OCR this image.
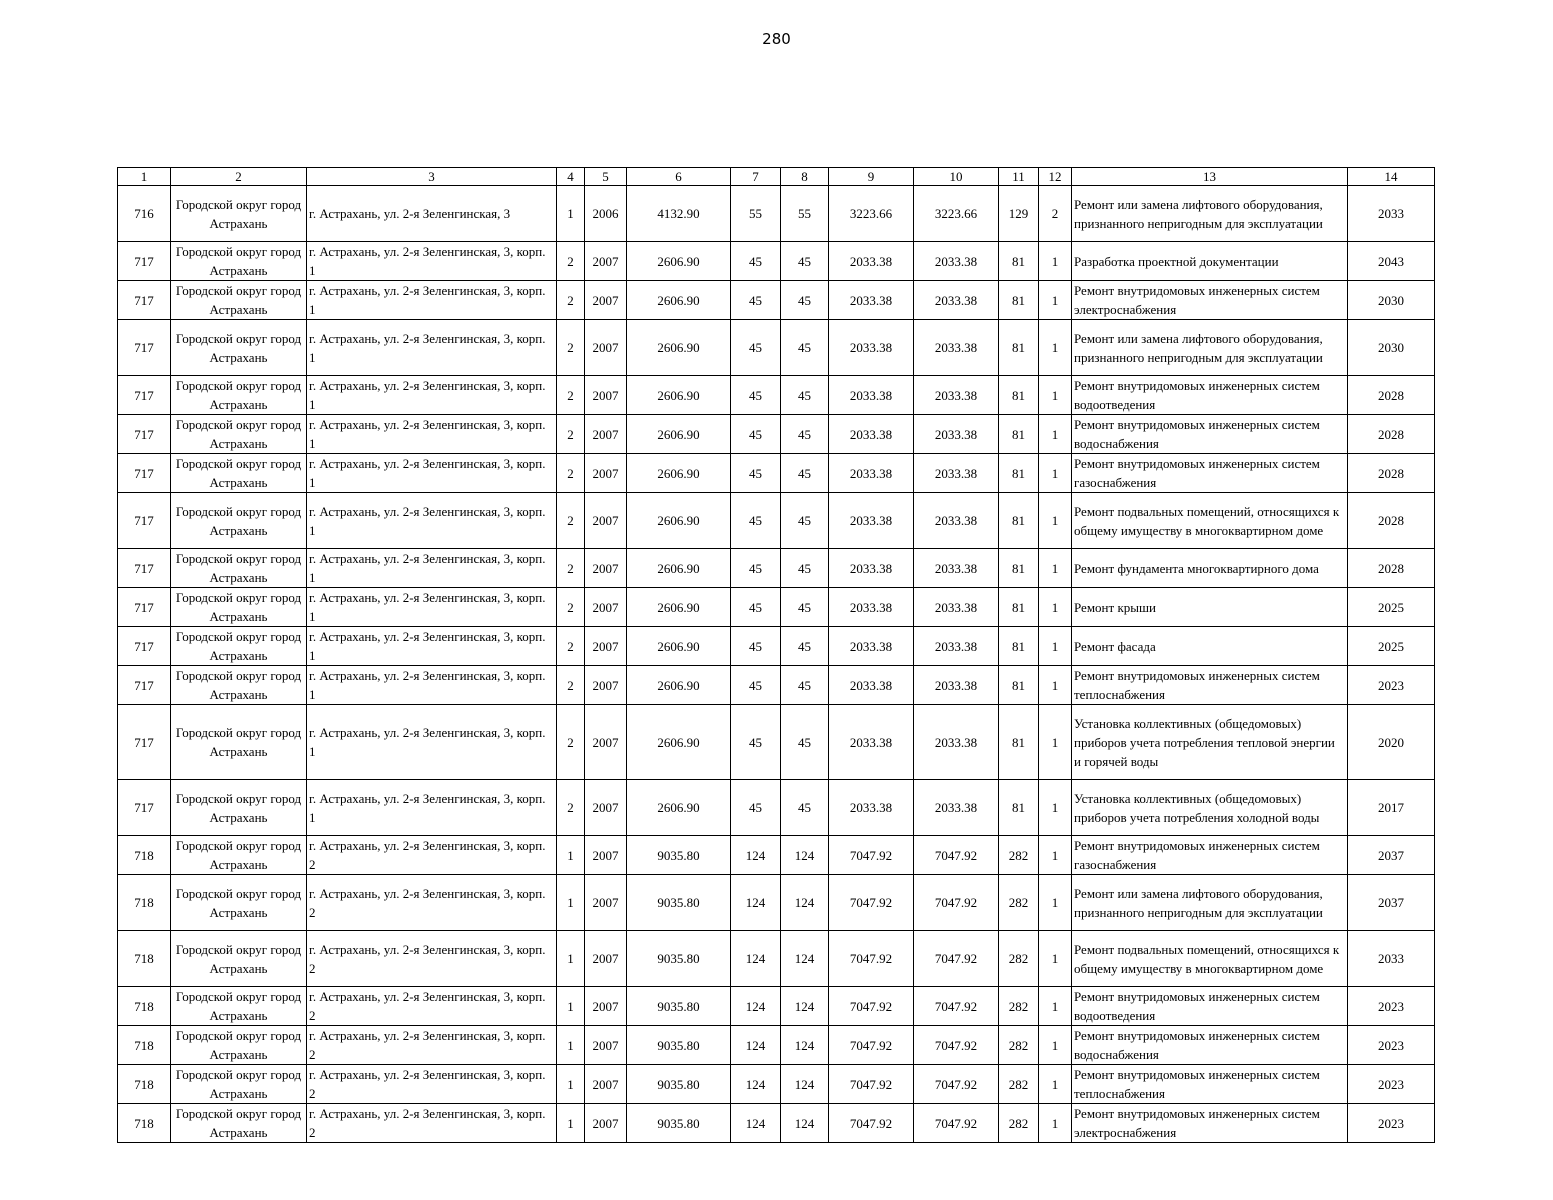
280
1	2	3	4	5	6	7	8	9	10	11	12	13	14
716	Городской округ город Астрахань	г. Астрахань, ул. 2-я Зеленгинская, 3	1	2006	4132.90	55	55	3223.66	3223.66	129	2	Ремонт или замена лифтового оборудования, признанного непригодным для эксплуатации	2033
717	Городской округ город Астрахань	г. Астрахань, ул. 2-я Зеленгинская, 3, корп. 1	2	2007	2606.90	45	45	2033.38	2033.38	81	1	Разработка проектной документации	2043
717	Городской округ город Астрахань	г. Астрахань, ул. 2-я Зеленгинская, 3, корп. 1	2	2007	2606.90	45	45	2033.38	2033.38	81	1	Ремонт внутридомовых инженерных систем электроснабжения	2030
717	Городской округ город Астрахань	г. Астрахань, ул. 2-я Зеленгинская, 3, корп. 1	2	2007	2606.90	45	45	2033.38	2033.38	81	1	Ремонт или замена лифтового оборудования, признанного непригодным для эксплуатации	2030
717	Городской округ город Астрахань	г. Астрахань, ул. 2-я Зеленгинская, 3, корп. 1	2	2007	2606.90	45	45	2033.38	2033.38	81	1	Ремонт внутридомовых инженерных систем водоотведения	2028
717	Городской округ город Астрахань	г. Астрахань, ул. 2-я Зеленгинская, 3, корп. 1	2	2007	2606.90	45	45	2033.38	2033.38	81	1	Ремонт внутридомовых инженерных систем водоснабжения	2028
717	Городской округ город Астрахань	г. Астрахань, ул. 2-я Зеленгинская, 3, корп. 1	2	2007	2606.90	45	45	2033.38	2033.38	81	1	Ремонт внутридомовых инженерных систем газоснабжения	2028
717	Городской округ город Астрахань	г. Астрахань, ул. 2-я Зеленгинская, 3, корп. 1	2	2007	2606.90	45	45	2033.38	2033.38	81	1	Ремонт подвальных помещений, относящихся к общему имуществу в многоквартирном доме	2028
717	Городской округ город Астрахань	г. Астрахань, ул. 2-я Зеленгинская, 3, корп. 1	2	2007	2606.90	45	45	2033.38	2033.38	81	1	Ремонт фундамента многоквартирного дома	2028
717	Городской округ город Астрахань	г. Астрахань, ул. 2-я Зеленгинская, 3, корп. 1	2	2007	2606.90	45	45	2033.38	2033.38	81	1	Ремонт крыши	2025
717	Городской округ город Астрахань	г. Астрахань, ул. 2-я Зеленгинская, 3, корп. 1	2	2007	2606.90	45	45	2033.38	2033.38	81	1	Ремонт фасада	2025
717	Городской округ город Астрахань	г. Астрахань, ул. 2-я Зеленгинская, 3, корп. 1	2	2007	2606.90	45	45	2033.38	2033.38	81	1	Ремонт внутридомовых инженерных систем теплоснабжения	2023
717	Городской округ город Астрахань	г. Астрахань, ул. 2-я Зеленгинская, 3, корп. 1	2	2007	2606.90	45	45	2033.38	2033.38	81	1	Установка коллективных (общедомовых) приборов учета потребления тепловой энергии и горячей воды	2020
717	Городской округ город Астрахань	г. Астрахань, ул. 2-я Зеленгинская, 3, корп. 1	2	2007	2606.90	45	45	2033.38	2033.38	81	1	Установка коллективных (общедомовых) приборов учета потребления холодной воды	2017
718	Городской округ город Астрахань	г. Астрахань, ул. 2-я Зеленгинская, 3, корп. 2	1	2007	9035.80	124	124	7047.92	7047.92	282	1	Ремонт внутридомовых инженерных систем газоснабжения	2037
718	Городской округ город Астрахань	г. Астрахань, ул. 2-я Зеленгинская, 3, корп. 2	1	2007	9035.80	124	124	7047.92	7047.92	282	1	Ремонт или замена лифтового оборудования, признанного непригодным для эксплуатации	2037
718	Городской округ город Астрахань	г. Астрахань, ул. 2-я Зеленгинская, 3, корп. 2	1	2007	9035.80	124	124	7047.92	7047.92	282	1	Ремонт подвальных помещений, относящихся к общему имуществу в многоквартирном доме	2033
718	Городской округ город Астрахань	г. Астрахань, ул. 2-я Зеленгинская, 3, корп. 2	1	2007	9035.80	124	124	7047.92	7047.92	282	1	Ремонт внутридомовых инженерных систем водоотведения	2023
718	Городской округ город Астрахань	г. Астрахань, ул. 2-я Зеленгинская, 3, корп. 2	1	2007	9035.80	124	124	7047.92	7047.92	282	1	Ремонт внутридомовых инженерных систем водоснабжения	2023
718	Городской округ город Астрахань	г. Астрахань, ул. 2-я Зеленгинская, 3, корп. 2	1	2007	9035.80	124	124	7047.92	7047.92	282	1	Ремонт внутридомовых инженерных систем теплоснабжения	2023
718	Городской округ город Астрахань	г. Астрахань, ул. 2-я Зеленгинская, 3, корп. 2	1	2007	9035.80	124	124	7047.92	7047.92	282	1	Ремонт внутридомовых инженерных систем электроснабжения	2023
